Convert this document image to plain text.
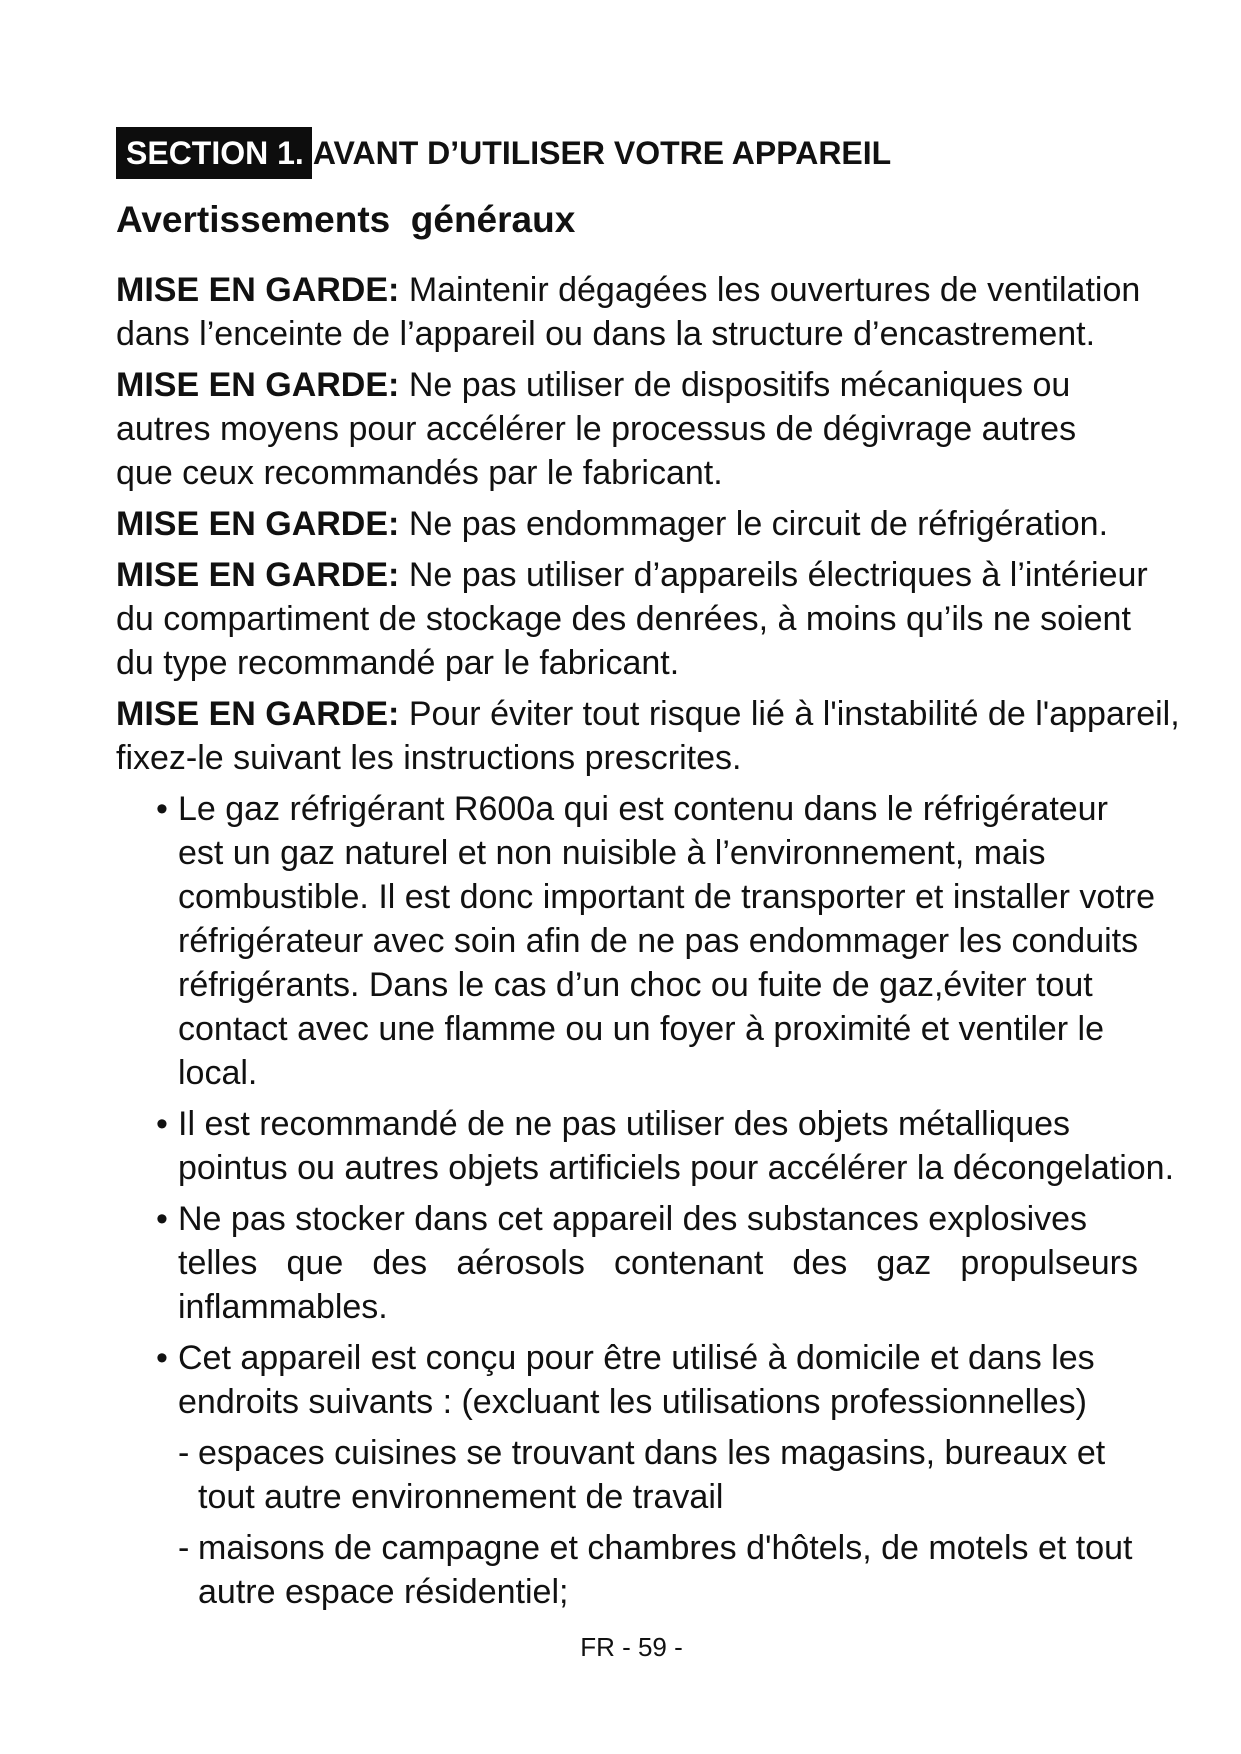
SECTION 1. AVANT D’UTILISER VOTRE APPAREIL
Avertissements  généraux
MISE EN GARDE: Maintenir dégagées les ouvertures de ventilation
dans l’enceinte de l’appareil ou dans la structure d’encastrement.
MISE EN GARDE: Ne pas utiliser de dispositifs mécaniques ou
autres moyens pour accélérer le processus de dégivrage autres
que ceux recommandés par le fabricant.
MISE EN GARDE: Ne pas endommager le circuit de réfrigération.
MISE EN GARDE: Ne pas utiliser d’appareils électriques à l’intérieur
du compartiment de stockage des denrées, à moins qu’ils ne soient
du type recommandé par le fabricant.
MISE EN GARDE: Pour éviter tout risque lié à l'instabilité de l'appareil,
fixez-le suivant les instructions prescrites.
• Le gaz réfrigérant R600a qui est contenu dans le réfrigérateur
est un gaz naturel et non nuisible à l’environnement, mais
combustible. Il est donc important de transporter et installer votre
réfrigérateur avec soin afin de ne pas endommager les conduits
réfrigérants. Dans le cas d’un choc ou fuite de gaz,éviter tout
contact avec une flamme ou un foyer à proximité et ventiler le
local.
• Il est recommandé de ne pas utiliser des objets métalliques
pointus ou autres objets artificiels pour accélérer la décongelation.
• Ne pas stocker dans cet appareil des substances explosives
telles que des aérosols contenant des gaz propulseurs
inflammables.
• Cet appareil est conçu pour être utilisé à domicile et dans les
endroits suivants : (excluant les utilisations professionnelles)
- espaces cuisines se trouvant dans les magasins, bureaux et
tout autre environnement de travail
- maisons de campagne et chambres d'hôtels, de motels et tout
autre espace résidentiel;
FR - 59 -
